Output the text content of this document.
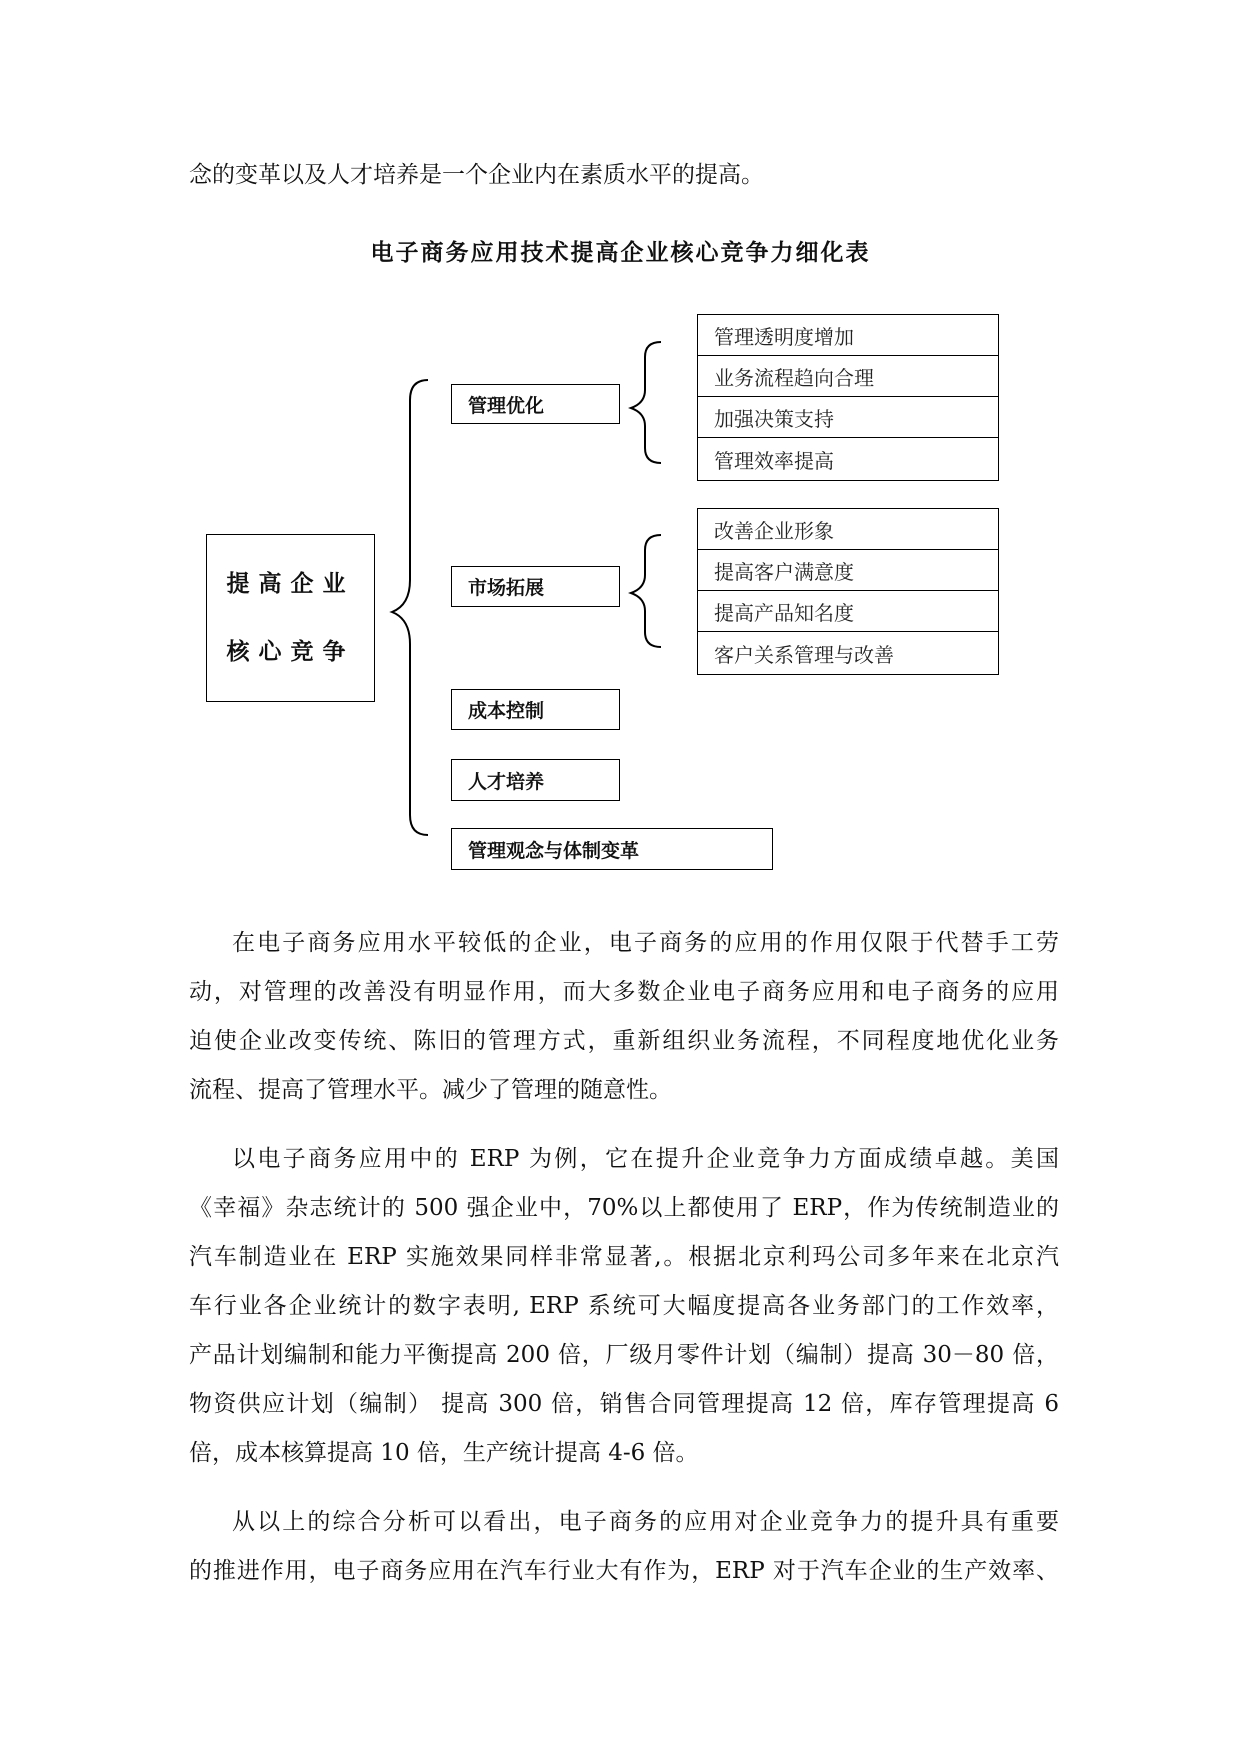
念的变革以及人才培养是一个企业内在素质水平的提高。
电子商务应用技术提高企业核心竞争力细化表
提高企业
核心竞争
管理优化
市场拓展
成本控制
人才培养
管理观念与体制变革
管理透明度增加
业务流程趋向合理
加强决策支持
管理效率提高
改善企业形象
提高客户满意度
提高产品知名度
客户关系管理与改善
在电子商务应用水平较低的企业，电子商务的应用的作用仅限于代替手工劳
动，对管理的改善没有明显作用，而大多数企业电子商务应用和电子商务的应用
迫使企业改变传统、陈旧的管理方式，重新组织业务流程，不同程度地优化业务
流程、提高了管理水平。减少了管理的随意性。
以电子商务应用中的 ERP 为例，它在提升企业竞争力方面成绩卓越。美国
《幸福》杂志统计的 500 强企业中，70%以上都使用了 ERP，作为传统制造业的
汽车制造业在 ERP 实施效果同样非常显著,。根据北京利玛公司多年来在北京汽
车行业各企业统计的数字表明, ERP 系统可大幅度提高各业务部门的工作效率，
产品计划编制和能力平衡提高 200 倍，厂级月零件计划（编制）提高 30－80 倍，
物资供应计划（编制） 提高 300 倍，销售合同管理提高 12 倍，库存管理提高 6
倍，成本核算提高 10 倍，生产统计提高 4-6 倍。
从以上的综合分析可以看出，电子商务的应用对企业竞争力的提升具有重要
的推进作用，电子商务应用在汽车行业大有作为，ERP 对于汽车企业的生产效率、
